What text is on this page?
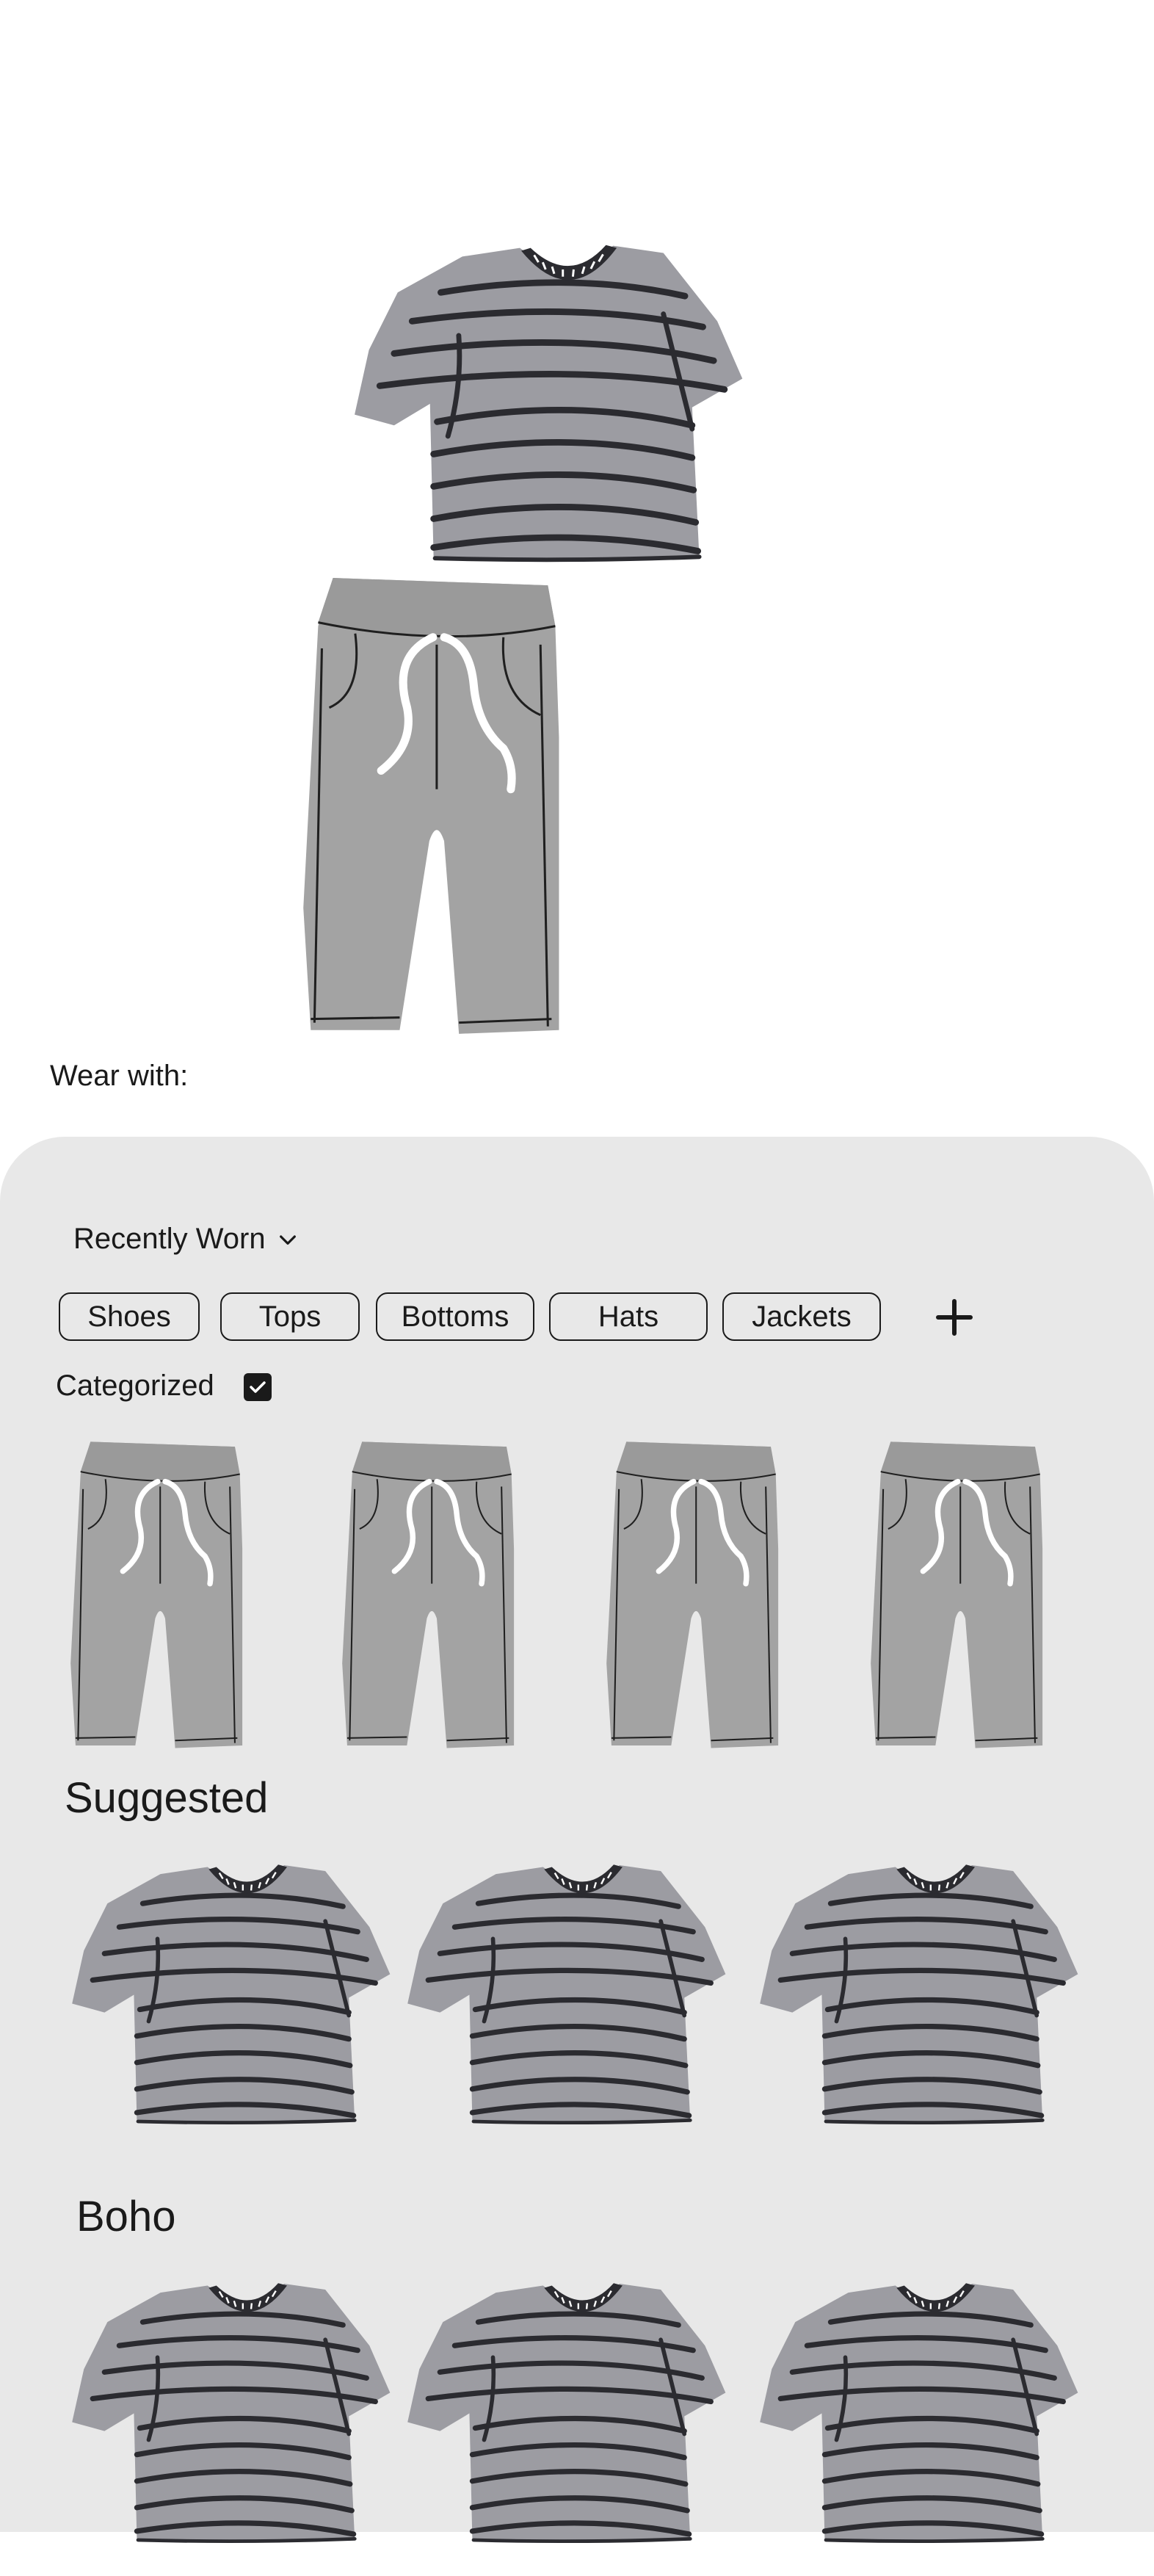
Wear with:
Recently Worn
Shoes	Tops	Bottoms	Hats	Jackets
Categorized
Suggested
Boho
